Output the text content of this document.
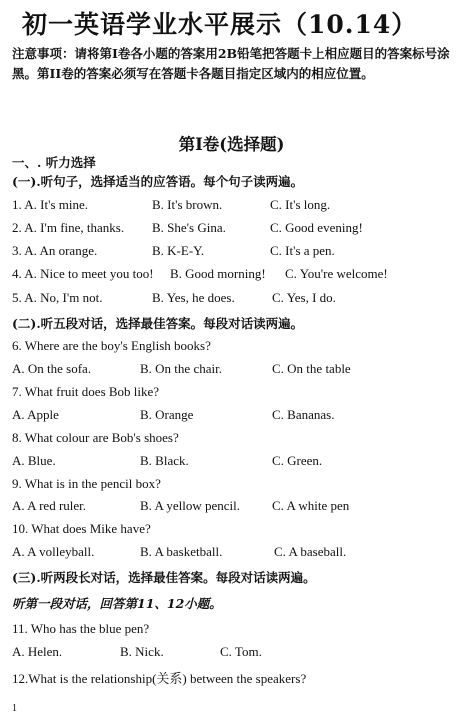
初一英语学业水平展示（10.14）
注意事项：请将第Ⅰ卷各小题的答案用2B铅笔把答题卡上相应题目的答案标号涂黑。第II卷的答案必须写在答题卡各题目指定区域内的相应位置。
第Ⅰ卷(选择题)
一、. 听力选择
(一).听句子，选择适当的应答语。每个句子读两遍。
1. A. It's mine.	B. It's brown.	C. It's long.
2. A. I'm fine, thanks. B. She's Gina.	C. Good evening!
3. A. An orange.	B. K-E-Y.	C. It's a pen.
4. A. Nice to meet you too! B. Good morning! C. You're welcome!
5. A. No, I'm not.	B. Yes, he does.	C. Yes, I do.
(二).听五段对话，选择最佳答案。每段对话读两遍。
6. Where are the boy's English books?
A. On the sofa.	B. On the chair.	C. On the table
7. What fruit does Bob like?
A. Apple	B. Orange	C. Bananas.
8. What colour are Bob's shoes?
A. Blue.	B. Black.	C. Green.
9. What is in the pencil box?
A. A red ruler.	B. A yellow pencil. C. A white pen
10. What does Mike have?
A. A volleyball.	B. A basketball.	C. A baseball.
(三).听两段长对话，选择最佳答案。每段对话读两遍。
听第一段对话，回答第11、12小题。
11. Who has the blue pen?
A. Helen.	B. Nick.	C. Tom.
12.What is the relationship(关系) between the speakers?
1
